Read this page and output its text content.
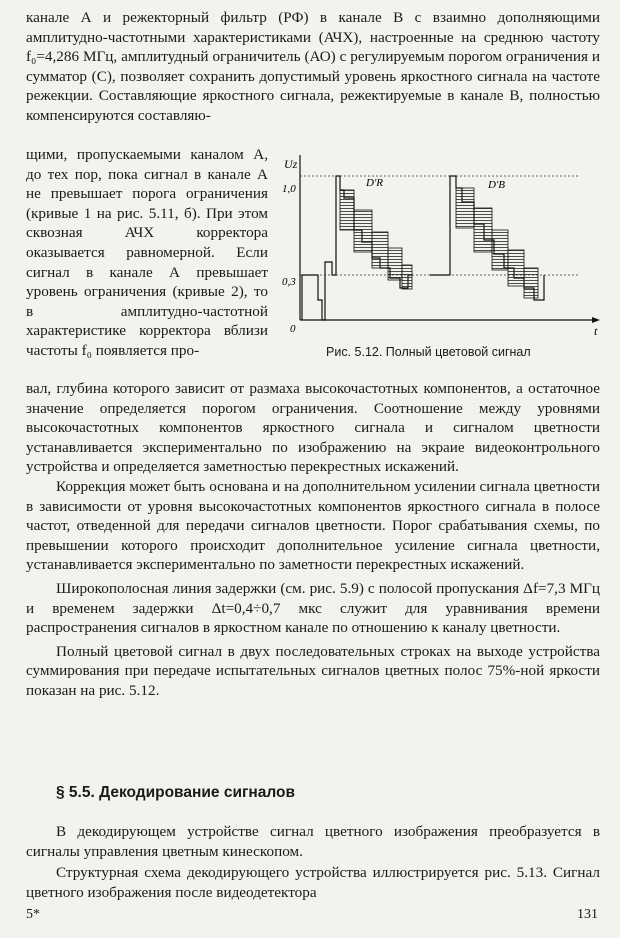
канале А и режекторный фильтр (РФ) в канале В с взаимно дополняющими амплитудно-частотными характеристиками (АЧХ), настроенные на среднюю частоту f₀=4,286 МГц, амплитудный ограничитель (АО) с регулируемым порогом ограничения и сумматор (С), позволяет сохранить допустимый уровень яркостного сигнала на частоте режекции. Составляющие яркостного сигнала, режектируемые в канале В, полностью компенсируются составляю-

щими, пропускаемыми каналом А, до тех пор, пока сигнал в канале А не превышает порога ограничения (кривые 1 на рис. 5.11, б). При этом сквозная АЧХ корректора оказывается равномерной. Если сигнал в канале А превышает уровень ограничения (кривые 2), то в амплитудно-частотной характеристике корректора вблизи частоты f₀ появляется про-

вал, глубина которого зависит от размаха высокочастотных компонентов, а остаточное значение определяется порогом ограничения. Соотношение между уровнями высокочастотных компонентов яркостного сигнала и сигналом цветности устанавливается экспериментально по изображению на экраие видеоконтрольного устройства и определяется заметностью перекрестных искажений.

Коррекция может быть основана и на дополнительном усилении сигнала цветности в зависимости от уровня высокочастотных компонентов яркостного сигнала в полосе частот, отведенной для передачи сигналов цветности. Порог срабатывания схемы, по превышении которого происходит дополнительное усиление сигнала цветности, устанавливается экспериментально по заметности перекрестных искажений.

Широкополосная линия задержки (см. рис. 5.9) с полосой пропускания Δf=7,3 МГц и временем задержки Δt=0,4÷0,7 мкс служит для уравнивания времени распространения сигналов в яркостном канале по отношению к каналу цветности.

Полный цветовой сигнал в двух последовательных строках на выходе устройства суммирования при передаче испытательных сигналов цветных полос 75%-ной яркости показан на рис. 5.12.

§ 5.5. Декодирование сигналов

В декодирующем устройстве сигнал цветного изображения преобразуется в сигналы управления цветным кинескопом.

Структурная схема декодирующего устройства иллюстрируется рис. 5.13. Сигнал цветного изображения после видеодетектора

Uz
t
0
1,0
0,3
D'R	D'B
Рис. 5.12. Полный цветовой сигнал
5*	131
